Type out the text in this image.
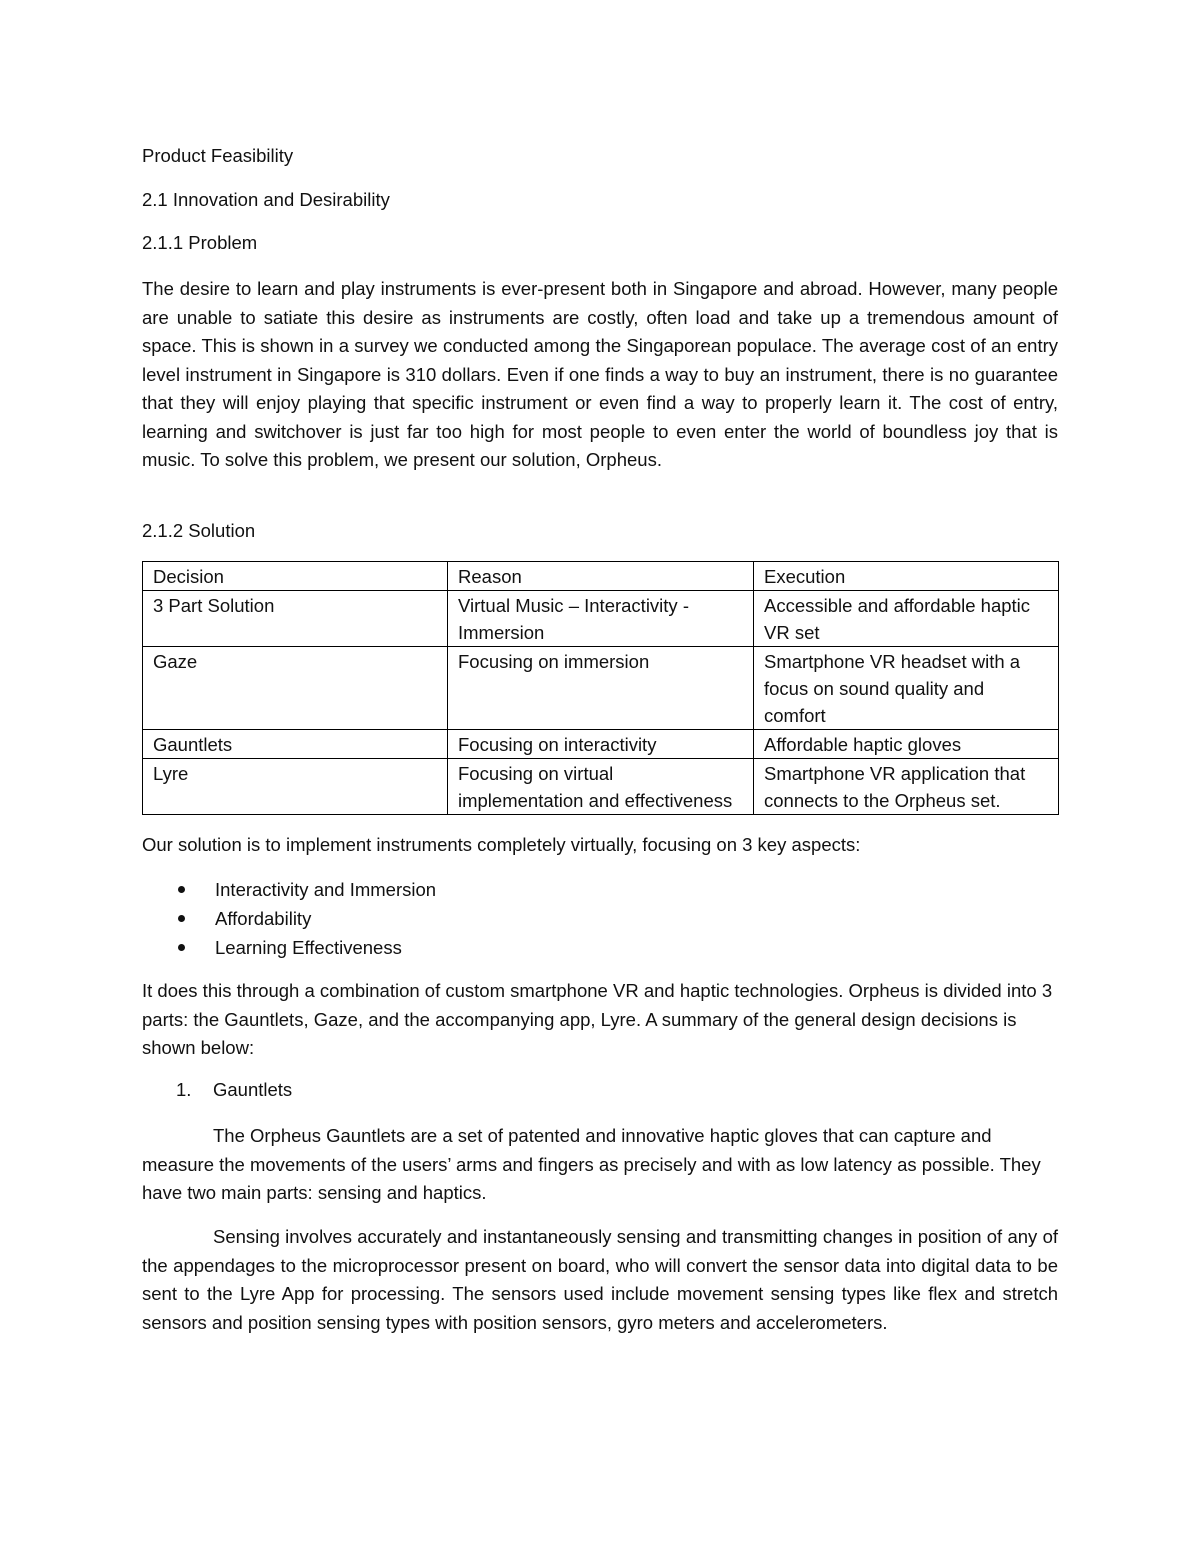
Product Feasibility
2.1 Innovation and Desirability
2.1.1 Problem
The desire to learn and play instruments is ever-present both in Singapore and abroad. However, many people are unable to satiate this desire as instruments are costly, often load and take up a tremendous amount of space. This is shown in a survey we conducted among the Singaporean populace. The average cost of an entry level instrument in Singapore is 310 dollars. Even if one finds a way to buy an instrument, there is no guarantee that they will enjoy playing that specific instrument or even find a way to properly learn it. The cost of entry, learning and switchover is just far too high for most people to even enter the world of boundless joy that is music. To solve this problem, we present our solution, Orpheus.
2.1.2 Solution
Decision	Reason	Execution
3 Part Solution	Virtual Music – Interactivity - Immersion	Accessible and affordable haptic VR set
Gaze	Focusing on immersion	Smartphone VR headset with a focus on sound quality and comfort
Gauntlets	Focusing on interactivity	Affordable haptic gloves
Lyre	Focusing on virtual implementation and effectiveness	Smartphone VR application that connects to the Orpheus set.
Our solution is to implement instruments completely virtually, focusing on 3 key aspects:
Interactivity and Immersion
Affordability
Learning Effectiveness
It does this through a combination of custom smartphone VR and haptic technologies. Orpheus is divided into 3 parts: the Gauntlets, Gaze, and the accompanying app, Lyre. A summary of the general design decisions is shown below:
1. Gauntlets
The Orpheus Gauntlets are a set of patented and innovative haptic gloves that can capture and measure the movements of the users’ arms and fingers as precisely and with as low latency as possible. They have two main parts: sensing and haptics.
Sensing involves accurately and instantaneously sensing and transmitting changes in position of any of the appendages to the microprocessor present on board, who will convert the sensor data into digital data to be sent to the Lyre App for processing. The sensors used include movement sensing types like flex and stretch sensors and position sensing types with position sensors, gyro meters and accelerometers.
